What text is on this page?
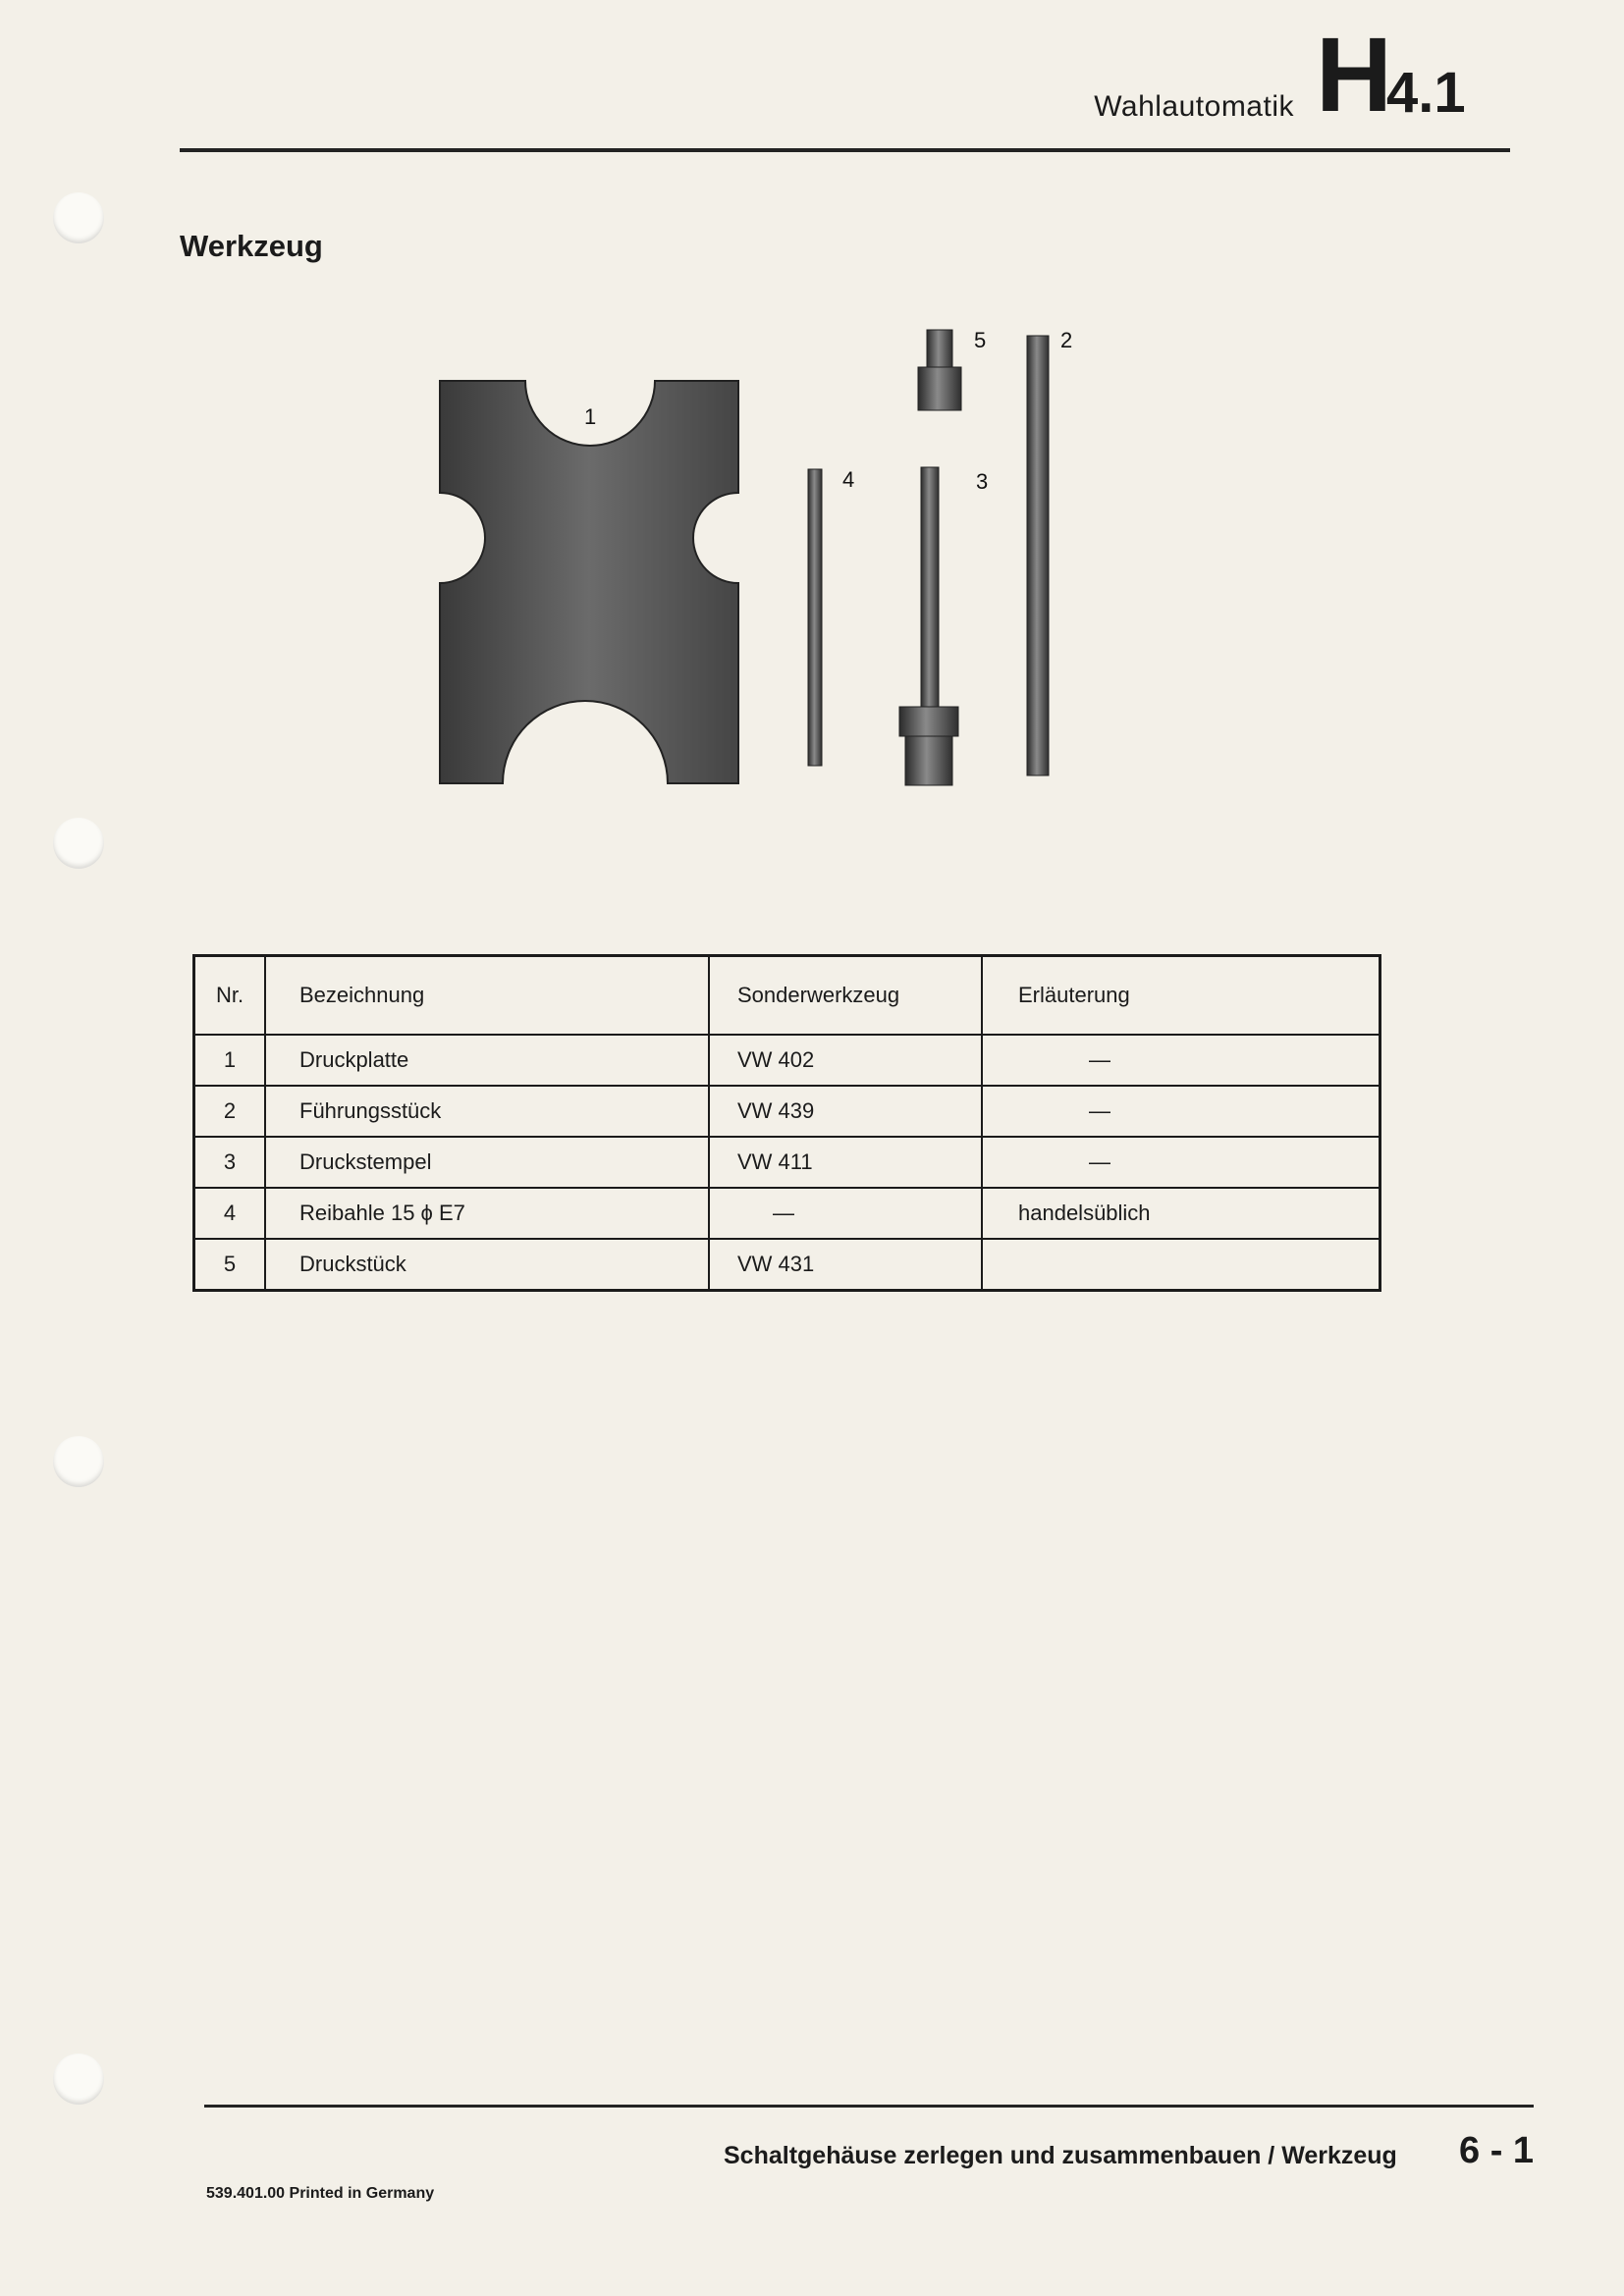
Wahlautomatik H
4.1
Werkzeug
1
4
5
3
2
Nr.	Bezeichnung	Sonderwerkzeug	Erläuterung
1	Druckplatte	VW 402	—
2	Führungsstück	VW 439	—
3	Druckstempel	VW 411	—
4	Reibahle 15 ϕ E7	—	handelsüblich
5	Druckstück	VW 431	
Schaltgehäuse zerlegen und zusammenbauen / Werkzeug 6 - 1
539.401.00 Printed in Germany
